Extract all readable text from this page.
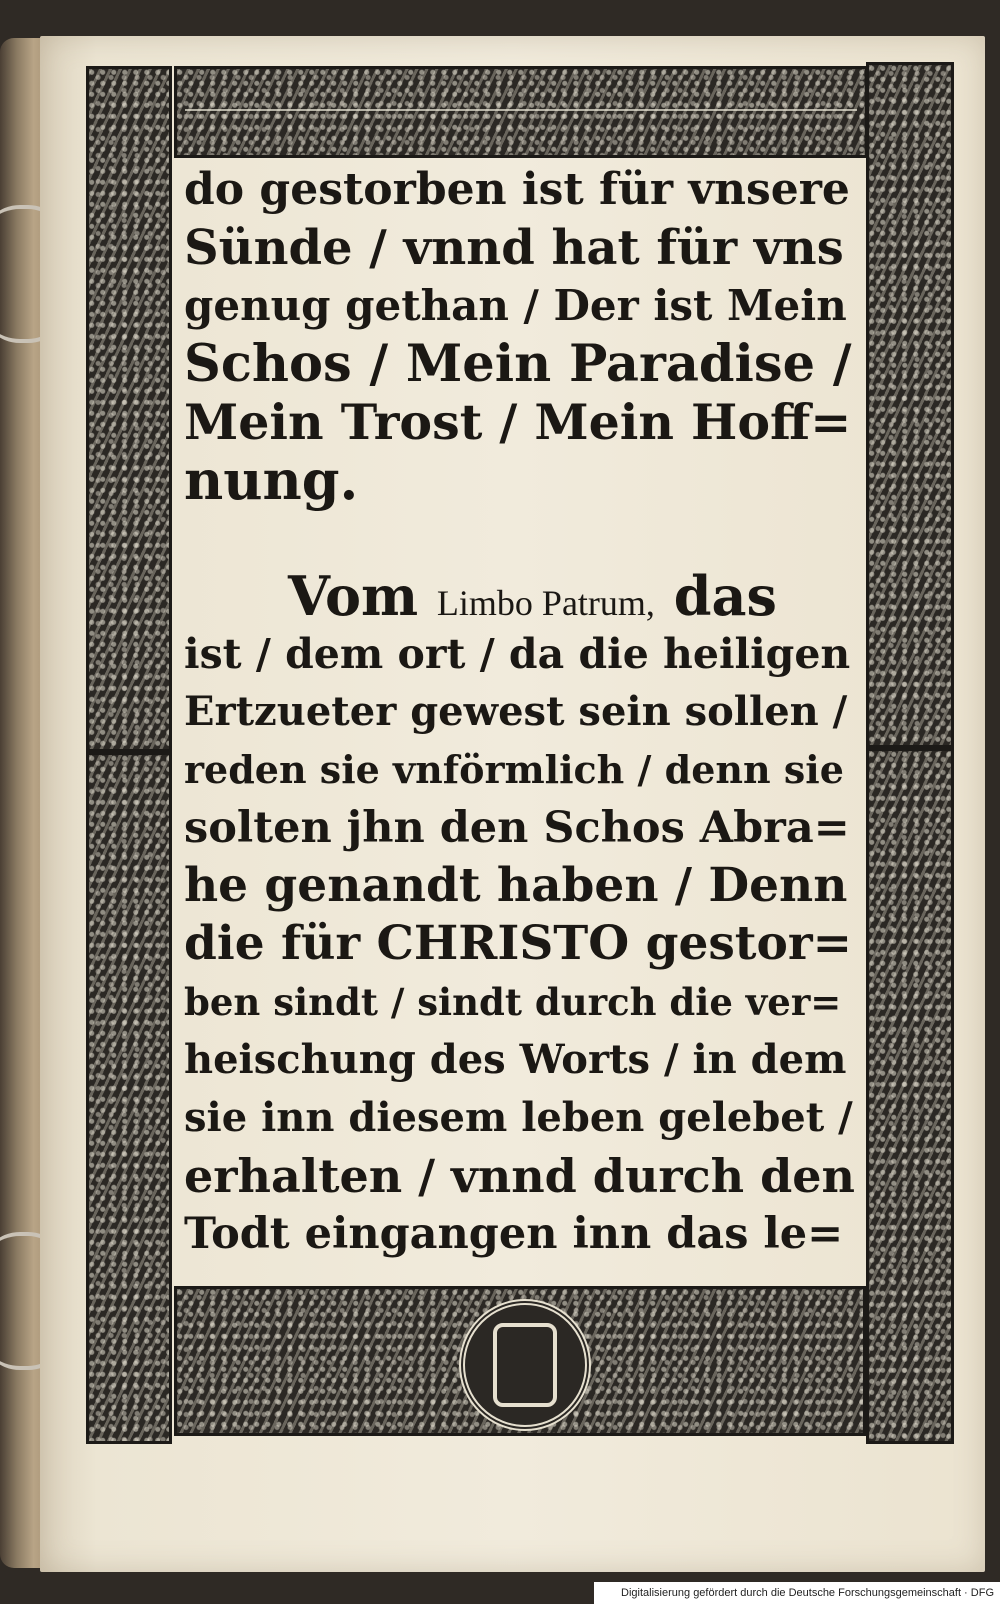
do gestorben ist für vnsere
Sünde / vnnd hat für vns
genug gethan / Der ist Mein
Schos / Mein Paradise /
Mein Trost / Mein Hoff=
nung.
Vom Limbo Patrum, das
ist / dem ort / da die heiligen
Ertzueter gewest sein sollen /
reden sie vnförmlich / denn sie
solten jhn den Schos Abra=
he genandt haben / Denn
die für CHRISTO gestor=
ben sindt / sindt durch die ver=
heischung des Worts / in dem
sie inn diesem leben gelebet /
erhalten / vnnd durch den
Todt eingangen inn das le=
Digitalisierung gefördert durch die Deutsche Forschungsgemeinschaft · DFG
